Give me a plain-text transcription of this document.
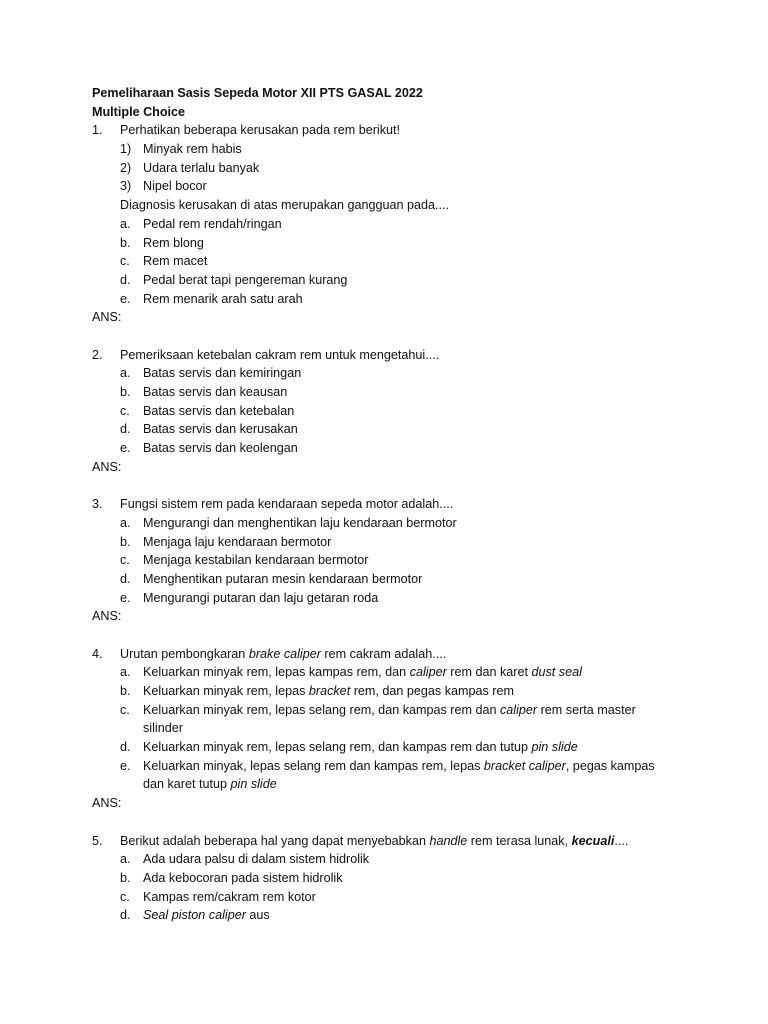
Pemeliharaan Sasis Sepeda Motor XII PTS GASAL 2022
Multiple Choice
1. Perhatikan beberapa kerusakan pada rem berikut!
1) Minyak rem habis
2) Udara terlalu banyak
3) Nipel bocor
Diagnosis kerusakan di atas merupakan gangguan pada....
a. Pedal rem rendah/ringan
b. Rem blong
c. Rem macet
d. Pedal berat tapi pengereman kurang
e. Rem menarik arah satu arah
ANS:
2. Pemeriksaan ketebalan cakram rem untuk mengetahui....
a. Batas servis dan kemiringan
b. Batas servis dan keausan
c. Batas servis dan ketebalan
d. Batas servis dan kerusakan
e. Batas servis dan keolengan
ANS:
3. Fungsi sistem rem pada kendaraan sepeda motor adalah....
a. Mengurangi dan menghentikan laju kendaraan bermotor
b. Menjaga laju kendaraan bermotor
c. Menjaga kestabilan kendaraan bermotor
d. Menghentikan putaran mesin kendaraan bermotor
e. Mengurangi putaran dan laju getaran roda
ANS:
4. Urutan pembongkaran brake caliper rem cakram adalah....
a. Keluarkan minyak rem, lepas kampas rem, dan caliper rem dan karet dust seal
b. Keluarkan minyak rem, lepas bracket rem, dan pegas kampas rem
c. Keluarkan minyak rem, lepas selang rem, dan kampas rem dan caliper rem serta master
silinder
d. Keluarkan minyak rem, lepas selang rem, dan kampas rem dan tutup pin slide
e. Keluarkan minyak, lepas selang rem dan kampas rem, lepas bracket caliper, pegas kampas
dan karet tutup pin slide
ANS:
5. Berikut adalah beberapa hal yang dapat menyebabkan handle rem terasa lunak, kecuali....
a. Ada udara palsu di dalam sistem hidrolik
b. Ada kebocoran pada sistem hidrolik
c. Kampas rem/cakram rem kotor
d. Seal piston caliper aus
